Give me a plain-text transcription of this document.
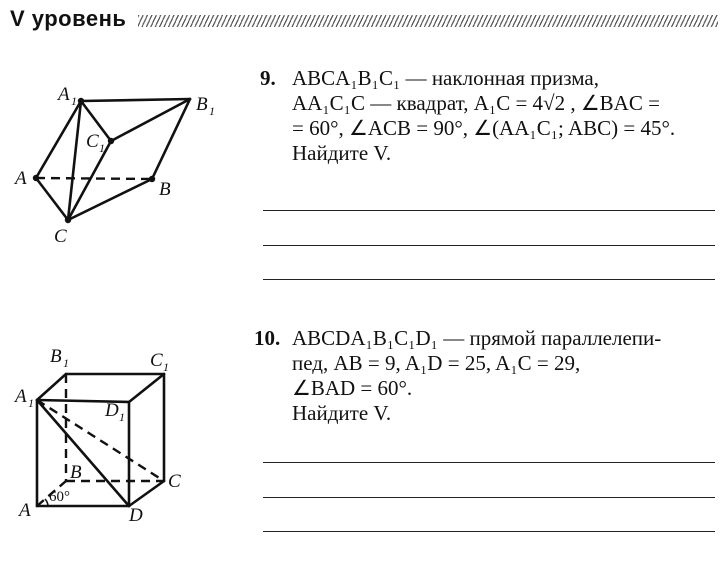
V уровень
A 1	B 1
C 1
A
B
C
9. ABCA₁B₁C₁ — наклонная призма,
AA₁C₁C — квадрат, A₁C = 4√2 , ∠BAC =
= 60°, ∠ACB = 90°, ∠(AA₁C₁; ABC) = 45°.
Найдите V.
B 1	C 1
A 1	D 1
B	C
A	D
60°
10. ABCDA₁B₁C₁D₁ — прямой параллелепи-
пед, AB = 9, A₁D = 25, A₁C = 29,
∠BAD = 60°.
Найдите V.
